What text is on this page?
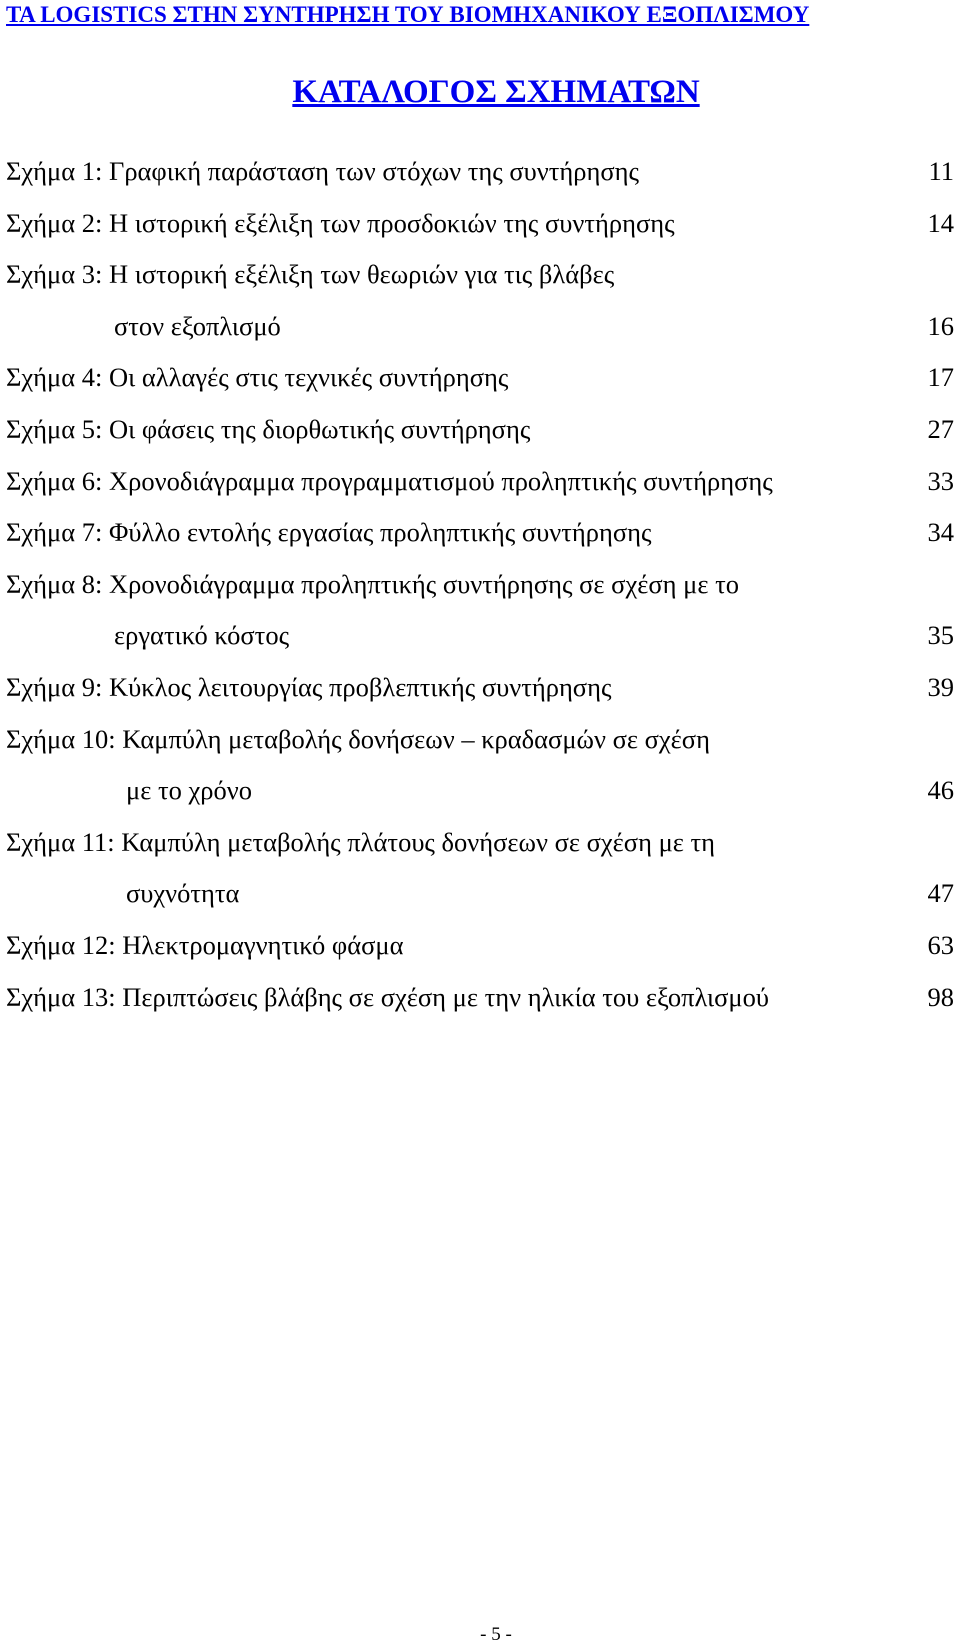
ΤΑ LOGISTICS ΣΤΗΝ ΣΥΝΤΗΡΗΣΗ ΤΟΥ ΒΙΟΜΗΧΑΝΙΚΟΥ ΕΞΟΠΛΙΣΜΟΥ
ΚΑΤΑΛΟΓΟΣ ΣΧΗΜΑΤΩΝ
Σχήμα 1: Γραφική παράσταση των στόχων της συντήρησης	11
Σχήμα 2: Η ιστορική εξέλιξη των προσδοκιών της συντήρησης	14
Σχήμα 3: Η ιστορική εξέλιξη των θεωριών για τις βλάβες
στον εξοπλισμό	16
Σχήμα 4: Οι αλλαγές στις τεχνικές συντήρησης	17
Σχήμα 5: Οι φάσεις της διορθωτικής συντήρησης	27
Σχήμα 6: Χρονοδιάγραμμα προγραμματισμού προληπτικής συντήρησης	33
Σχήμα 7: Φύλλο εντολής εργασίας προληπτικής συντήρησης	34
Σχήμα 8: Χρονοδιάγραμμα προληπτικής συντήρησης σε σχέση με το
εργατικό κόστος	35
Σχήμα 9: Κύκλος λειτουργίας προβλεπτικής συντήρησης	39
Σχήμα 10: Καμπύλη μεταβολής δονήσεων – κραδασμών σε σχέση
με το χρόνο	46
Σχήμα 11: Καμπύλη μεταβολής πλάτους δονήσεων σε σχέση με τη
συχνότητα	47
Σχήμα 12: Ηλεκτρομαγνητικό φάσμα	63
Σχήμα 13: Περιπτώσεις βλάβης σε σχέση με την ηλικία του εξοπλισμού	98
- 5 -
